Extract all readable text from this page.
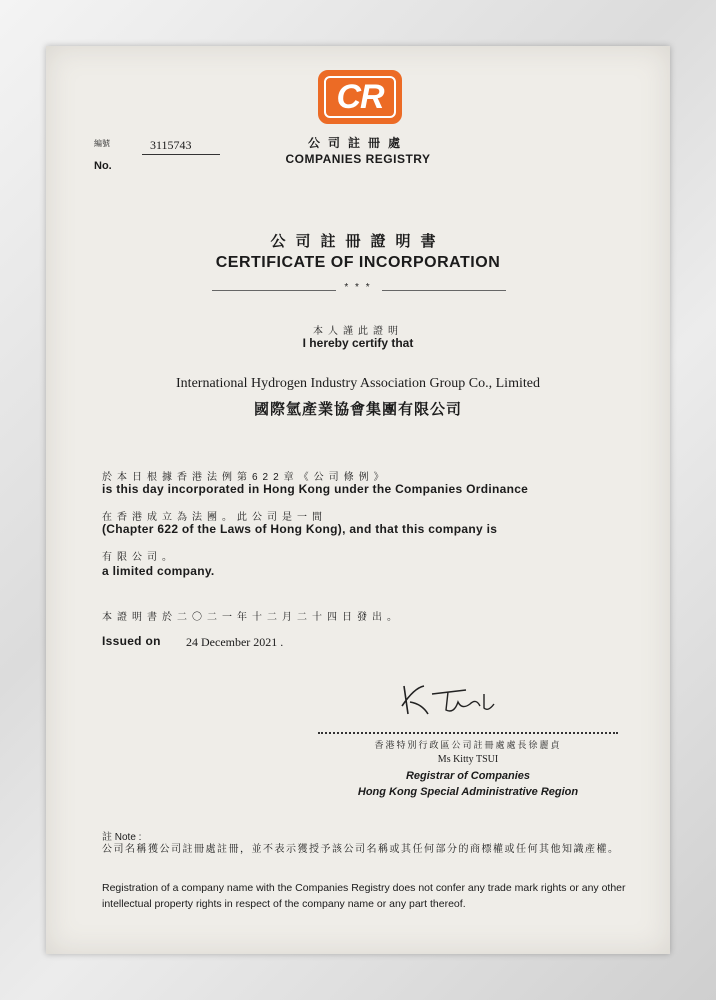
CR
公司註冊處
COMPANIES REGISTRY
編號	3115743
No.
公司註冊證明書
CERTIFICATE OF INCORPORATION
* * *
本人謹此證明
I hereby certify that
International Hydrogen Industry Association Group Co., Limited
國際氫產業協會集團有限公司
於本日根據香港法例第622章《公司條例》
is this day incorporated in Hong Kong under the Companies Ordinance
在香港成立為法團。此公司是一間
(Chapter 622 of the Laws of Hong Kong), and that this company is
有限公司。
a limited company.
本證明書於二〇二一年十二月二十四日發出。
Issued on 24 December 2021 .
香港特別行政區公司註冊處處長徐麗貞
Ms Kitty TSUI
Registrar of Companies
Hong Kong Special Administrative Region
註 Note :
公司名稱獲公司註冊處註冊，並不表示獲授予該公司名稱或其任何部分的商標權或任何其他知識產權。
Registration of a company name with the Companies Registry does not confer any trade mark rights or any other intellectual property rights in respect of the company name or any part thereof.
